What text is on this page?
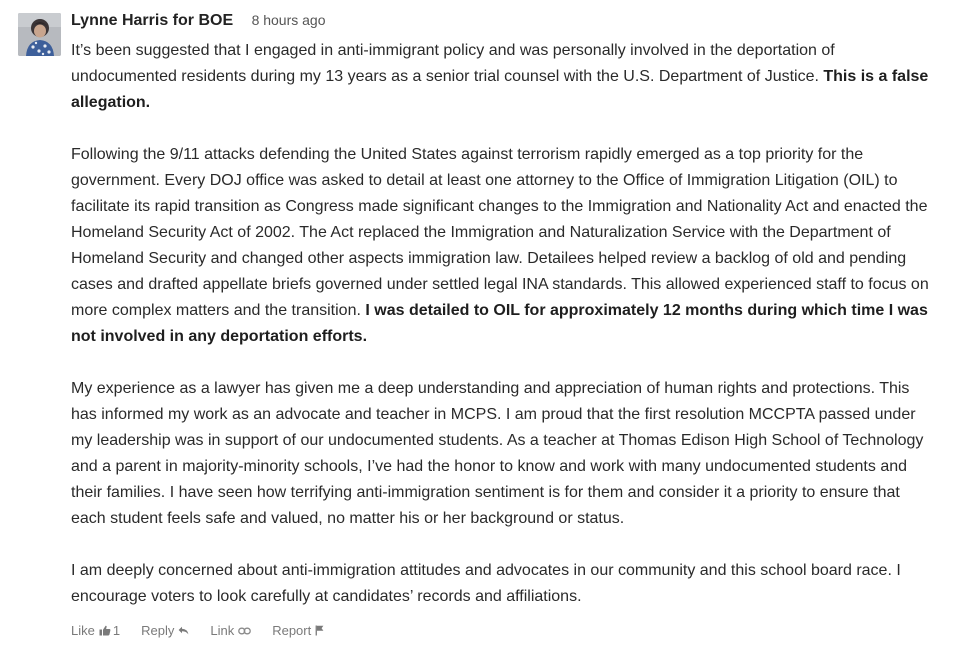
Lynne Harris for BOE 8 hours ago

It’s been suggested that I engaged in anti-immigrant policy and was personally involved in the deportation of undocumented residents during my 13 years as a senior trial counsel with the U.S. Department of Justice. This is a false allegation.

Following the 9/11 attacks defending the United States against terrorism rapidly emerged as a top priority for the government. Every DOJ office was asked to detail at least one attorney to the Office of Immigration Litigation (OIL) to facilitate its rapid transition as Congress made significant changes to the Immigration and Nationality Act and enacted the Homeland Security Act of 2002. The Act replaced the Immigration and Naturalization Service with the Department of Homeland Security and changed other aspects immigration law. Detailees helped review a backlog of old and pending cases and drafted appellate briefs governed under settled legal INA standards. This allowed experienced staff to focus on more complex matters and the transition. I was detailed to OIL for approximately 12 months during which time I was not involved in any deportation efforts.

My experience as a lawyer has given me a deep understanding and appreciation of human rights and protections. This has informed my work as an advocate and teacher in MCPS. I am proud that the first resolution MCCPTA passed under my leadership was in support of our undocumented students. As a teacher at Thomas Edison High School of Technology and a parent in majority-minority schools, I’ve had the honor to know and work with many undocumented students and their families. I have seen how terrifying anti-immigration sentiment is for them and consider it a priority to ensure that each student feels safe and valued, no matter his or her background or status.

I am deeply concerned about anti-immigration attitudes and advocates in our community and this school board race. I encourage voters to look carefully at candidates’ records and affiliations.

Like 1 Reply	Link	Report
